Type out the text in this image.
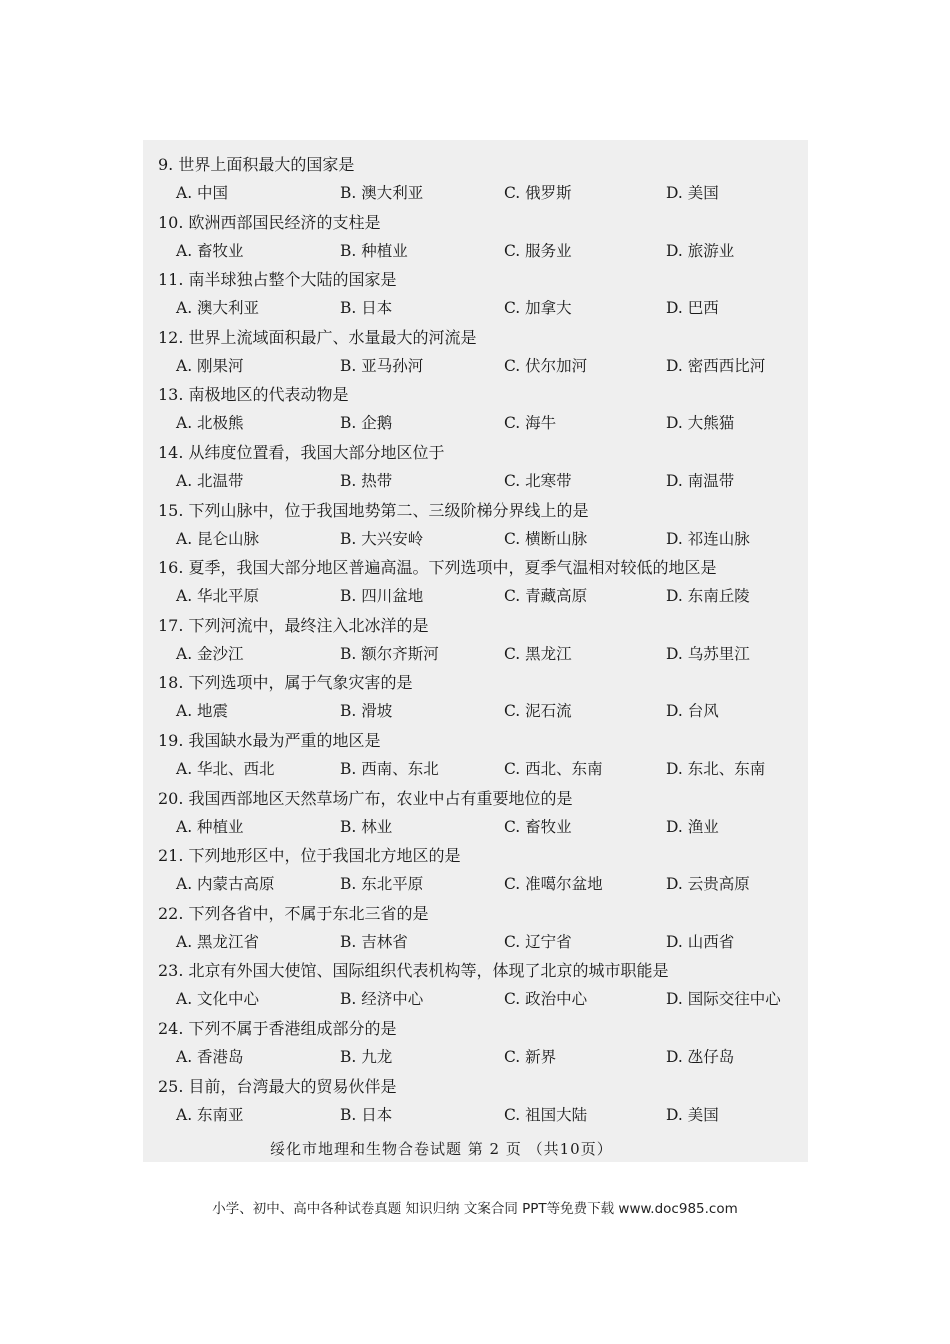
9. 世界上面积最大的国家是
A. 中国	B. 澳大利亚	C. 俄罗斯	D. 美国
10. 欧洲西部国民经济的支柱是
A. 畜牧业	B. 种植业	C. 服务业	D. 旅游业
11. 南半球独占整个大陆的国家是
A. 澳大利亚	B. 日本	C. 加拿大	D. 巴西
12. 世界上流域面积最广、水量最大的河流是
A. 刚果河	B. 亚马孙河	C. 伏尔加河	D. 密西西比河
13. 南极地区的代表动物是
A. 北极熊	B. 企鹅	C. 海牛	D. 大熊猫
14. 从纬度位置看，我国大部分地区位于
A. 北温带	B. 热带	C. 北寒带	D. 南温带
15. 下列山脉中，位于我国地势第二、三级阶梯分界线上的是
A. 昆仑山脉	B. 大兴安岭	C. 横断山脉	D. 祁连山脉
16. 夏季，我国大部分地区普遍高温。下列选项中，夏季气温相对较低的地区是
A. 华北平原	B. 四川盆地	C. 青藏高原	D. 东南丘陵
17. 下列河流中，最终注入北冰洋的是
A. 金沙江	B. 额尔齐斯河	C. 黑龙江	D. 乌苏里江
18. 下列选项中，属于气象灾害的是
A. 地震	B. 滑坡	C. 泥石流	D. 台风
19. 我国缺水最为严重的地区是
A. 华北、西北	B. 西南、东北	C. 西北、东南	D. 东北、东南
20. 我国西部地区天然草场广布，农业中占有重要地位的是
A. 种植业	B. 林业	C. 畜牧业	D. 渔业
21. 下列地形区中，位于我国北方地区的是
A. 内蒙古高原	B. 东北平原	C. 准噶尔盆地	D. 云贵高原
22. 下列各省中，不属于东北三省的是
A. 黑龙江省	B. 吉林省	C. 辽宁省	D. 山西省
23. 北京有外国大使馆、国际组织代表机构等，体现了北京的城市职能是
A. 文化中心	B. 经济中心	C. 政治中心	D. 国际交往中心
24. 下列不属于香港组成部分的是
A. 香港岛	B. 九龙	C. 新界	D. 氹仔岛
25. 目前，台湾最大的贸易伙伴是
A. 东南亚	B. 日本	C. 祖国大陆	D. 美国
绥化市地理和生物合卷试题 第 2 页 （共10页）
小学、初中、高中各种试卷真题 知识归纳 文案合同 PPT等免费下载 www.doc985.com
